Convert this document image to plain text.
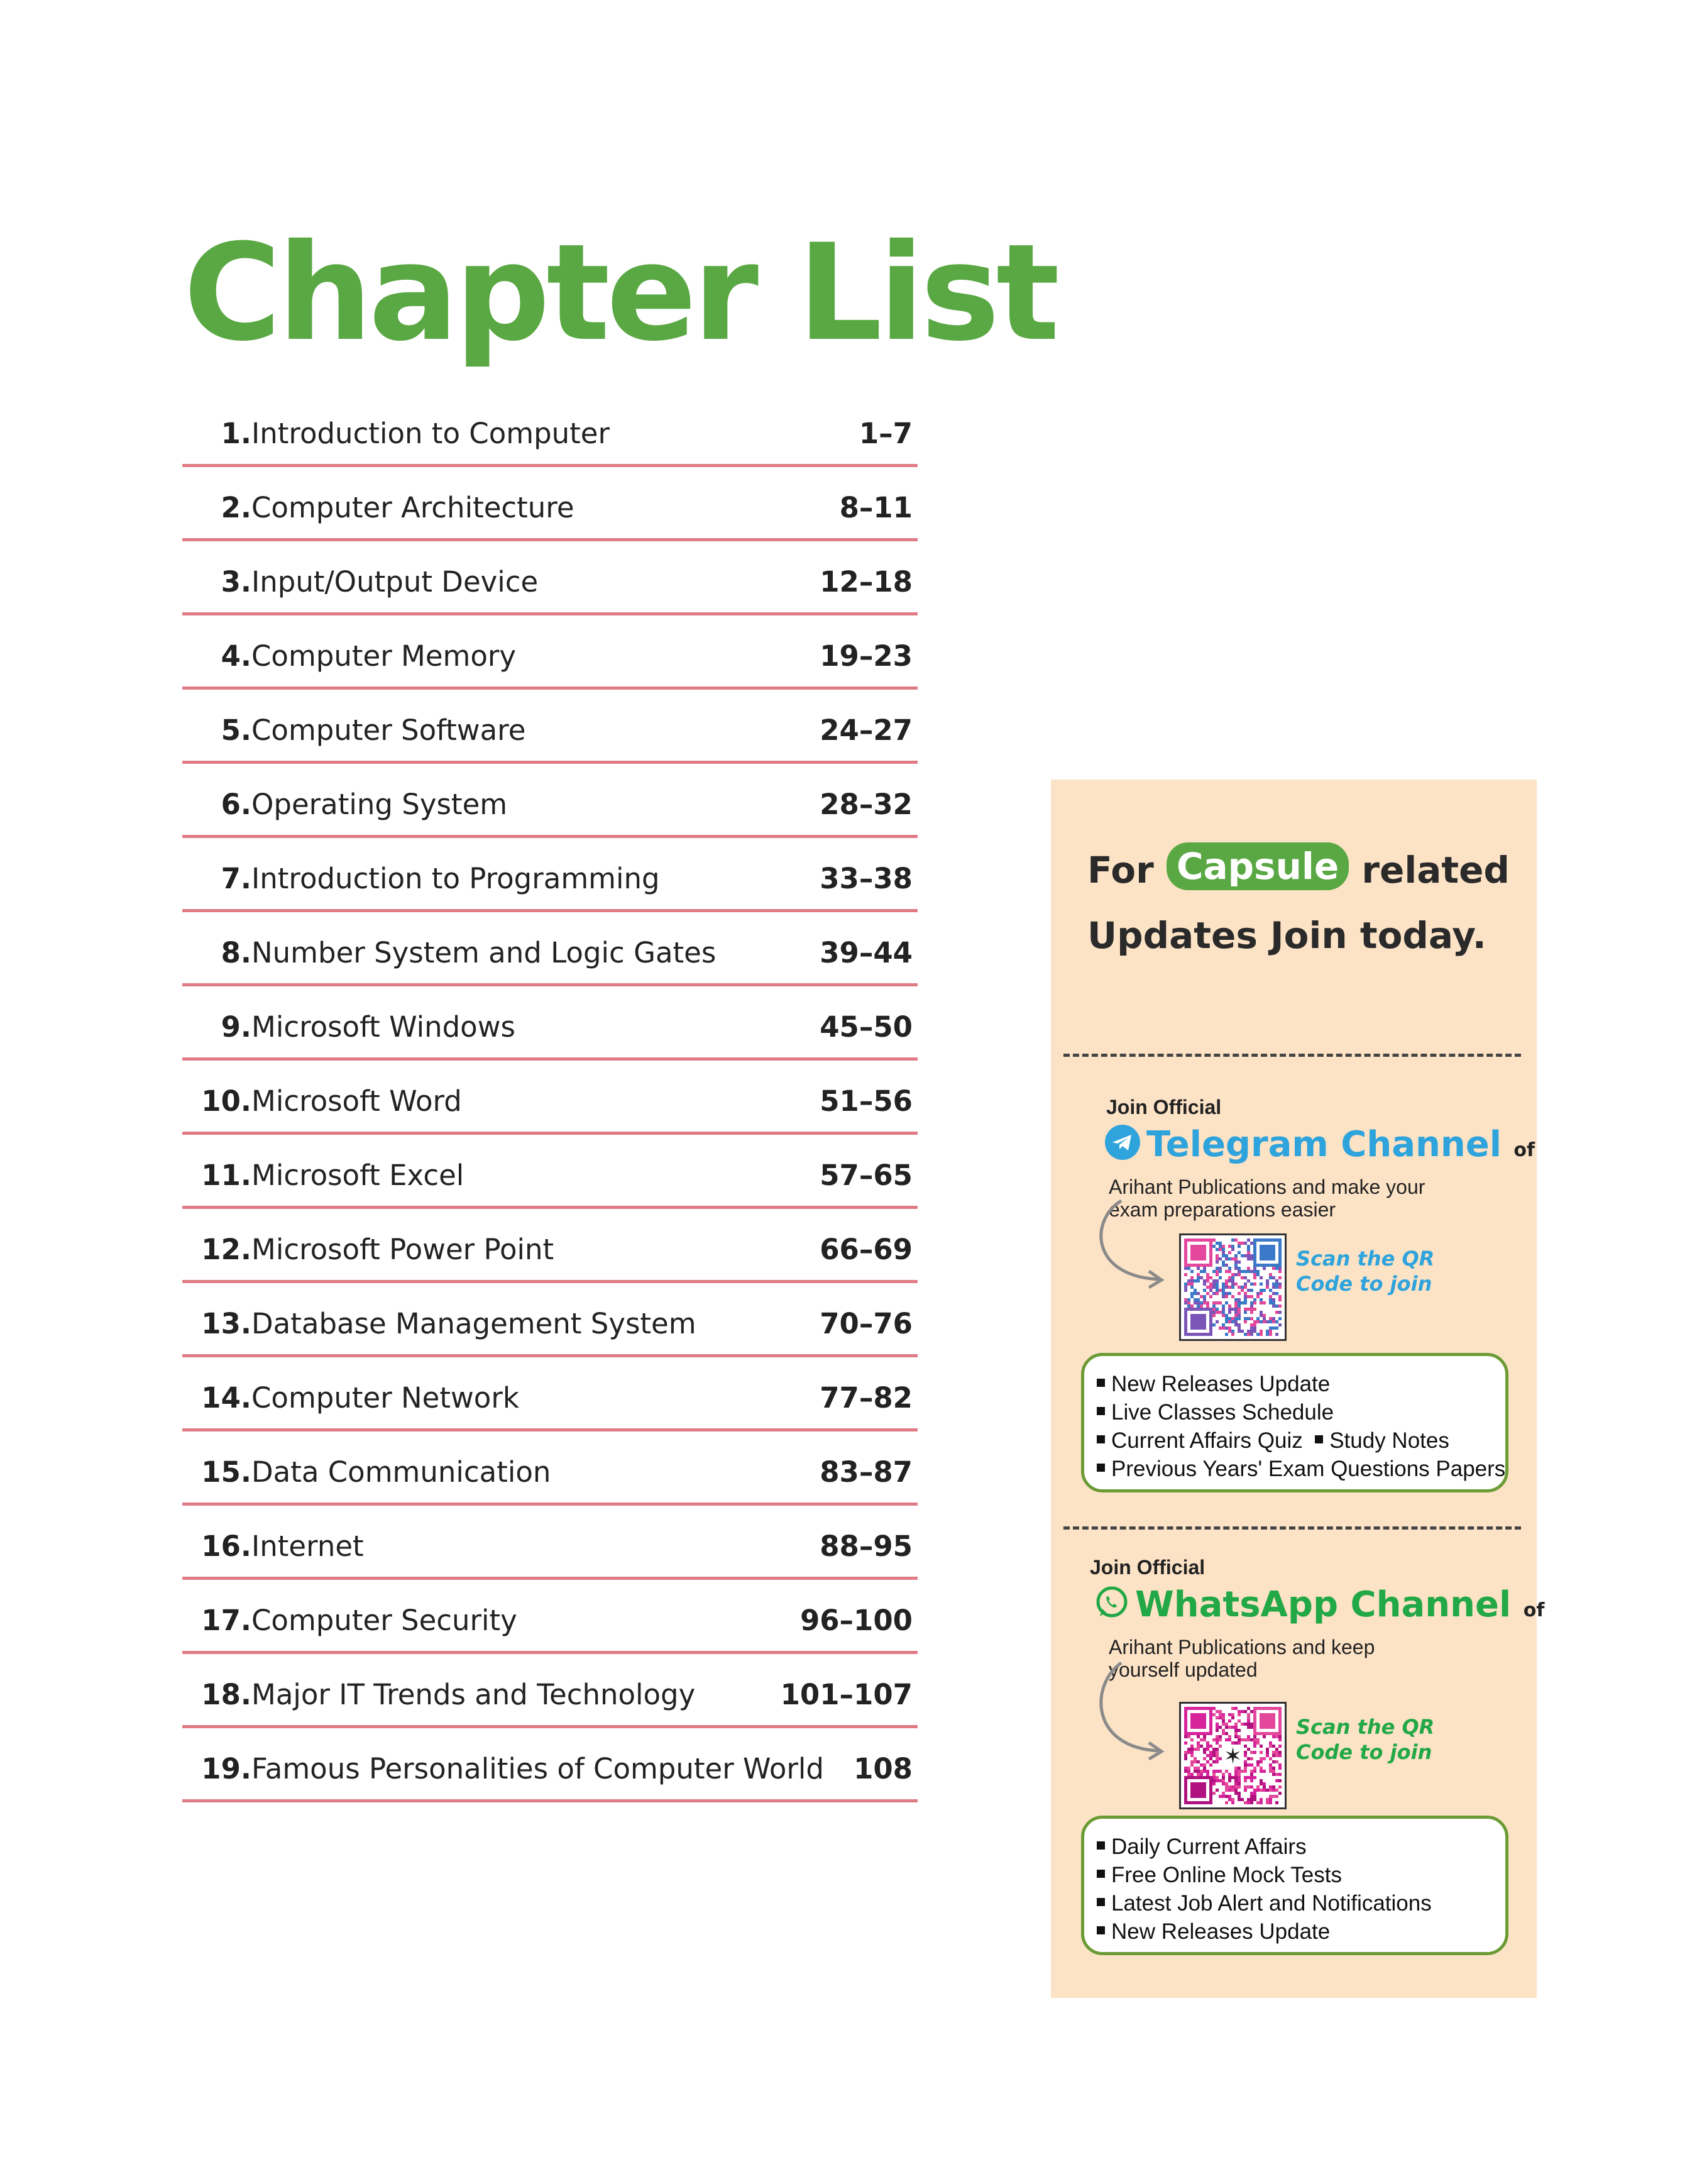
Chapter List
1. Introduction to Computer	1–7
2. Computer Architecture	8–11
3. Input/Output Device	12–18
4. Computer Memory	19–23
5. Computer Software	24–27
6. Operating System	28–32
7. Introduction to Programming	33–38
8. Number System and Logic Gates	39–44
9. Microsoft Windows	45–50
10. Microsoft Word	51–56
11. Microsoft Excel	57–65
12. Microsoft Power Point	66–69
13. Database Management System	70–76
14. Computer Network	77–82
15. Data Communication	83–87
16. Internet	88–95
17. Computer Security	96–100
18. Major IT Trends and Technology	101–107
19. Famous Personalities of Computer World 108
For Capsule related
Updates Join today.
Join Official
Telegram Channel of
Arihant Publications and make your exam preparations easier
Scan the QR Code to join
New Releases Update
Live Classes Schedule
Current Affairs Quiz Study Notes
Previous Years' Exam Questions Papers
Join Official
WhatsApp Channel of
Arihant Publications and keep yourself updated
✶
Scan the QR Code to join
Daily Current Affairs
Free Online Mock Tests
Latest Job Alert and Notifications
New Releases Update
